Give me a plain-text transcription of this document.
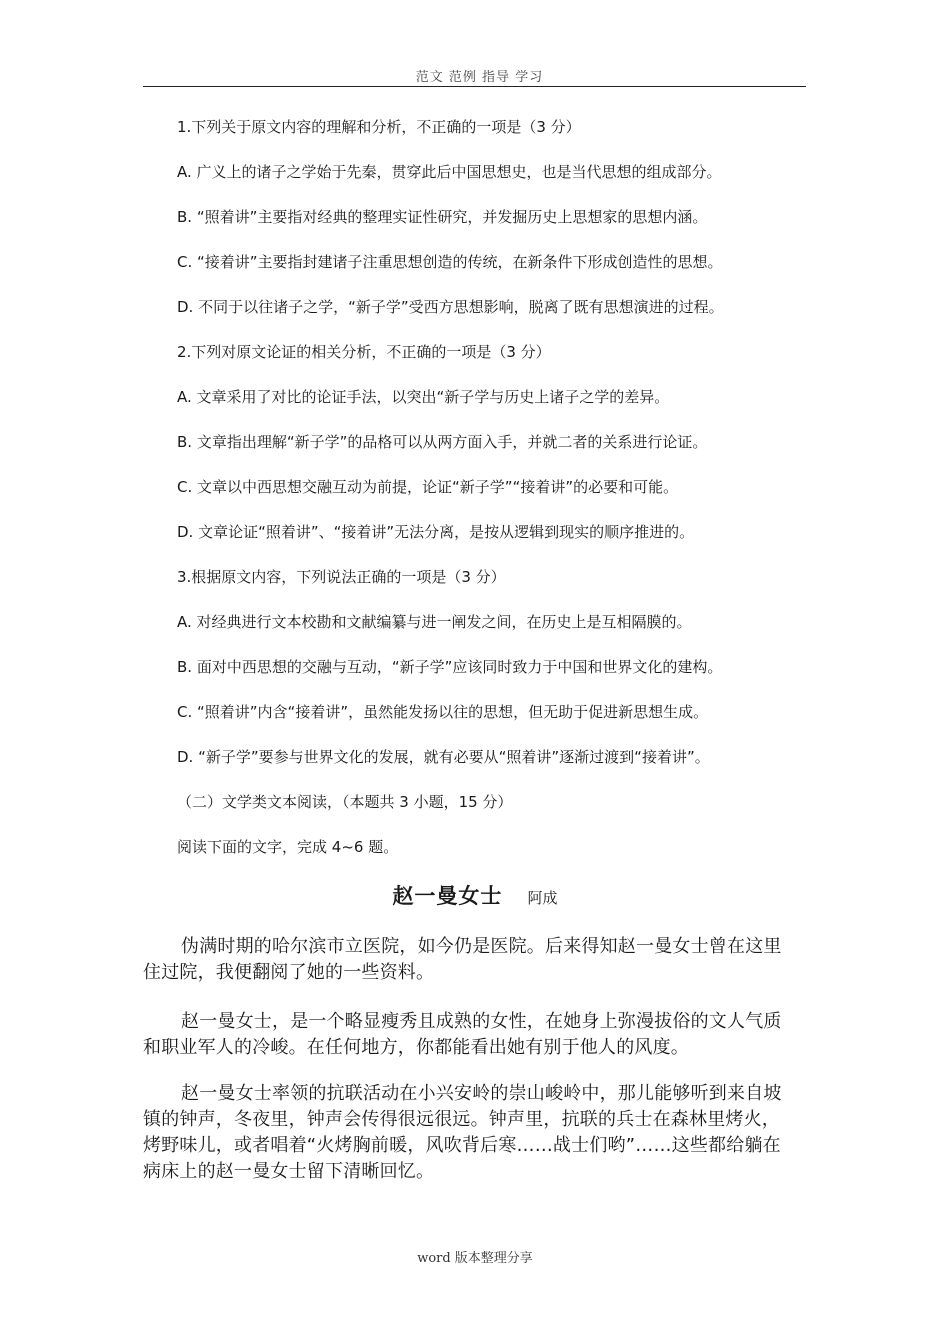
范文 范例 指导 学习
1.下列关于原文内容的理解和分析，不正确的一项是（3 分）
A. 广义上的诸子之学始于先秦，贯穿此后中国思想史，也是当代思想的组成部分。
B. “照着讲”主要指对经典的整理实证性研究，并发掘历史上思想家的思想内涵。
C. “接着讲”主要指封建诸子注重思想创造的传统，在新条件下形成创造性的思想。
D. 不同于以往诸子之学，“新子学”受西方思想影响，脱离了既有思想演进的过程。
2.下列对原文论证的相关分析，不正确的一项是（3 分）
A. 文章采用了对比的论证手法，以突出“新子学与历史上诸子之学的差异。
B. 文章指出理解“新子学”的品格可以从两方面入手，并就二者的关系进行论证。
C. 文章以中西思想交融互动为前提，论证“新子学”“接着讲”的必要和可能。
D. 文章论证“照着讲”、“接着讲”无法分离，是按从逻辑到现实的顺序推进的。
3.根据原文内容，下列说法正确的一项是（3 分）
A. 对经典进行文本校勘和文献编纂与进一阐发之间，在历史上是互相隔膜的。
B. 面对中西思想的交融与互动，“新子学”应该同时致力于中国和世界文化的建构。
C. “照着讲”内含“接着讲”，虽然能发扬以往的思想，但无助于促进新思想生成。
D. “新子学”要参与世界文化的发展，就有必要从“照着讲”逐渐过渡到“接着讲”。
（二）文学类文本阅读，（本题共 3 小题，15 分）
阅读下面的文字，完成 4~6 题。
赵一曼女士 阿成
伪满时期的哈尔滨市立医院，如今仍是医院。后来得知赵一曼女士曾在这里住过院，我便翻阅了她的一些资料。
赵一曼女士，是一个略显瘦秀且成熟的女性，在她身上弥漫拔俗的文人气质和职业军人的冷峻。在任何地方，你都能看出她有别于他人的风度。
赵一曼女士率领的抗联活动在小兴安岭的崇山峻岭中，那儿能够听到来自坡镇的钟声，冬夜里，钟声会传得很远很远。钟声里，抗联的兵士在森林里烤火，烤野味儿，或者唱着“火烤胸前暖，风吹背后寒……战士们哟”……这些都给躺在病床上的赵一曼女士留下清晰回忆。
word 版本整理分享
